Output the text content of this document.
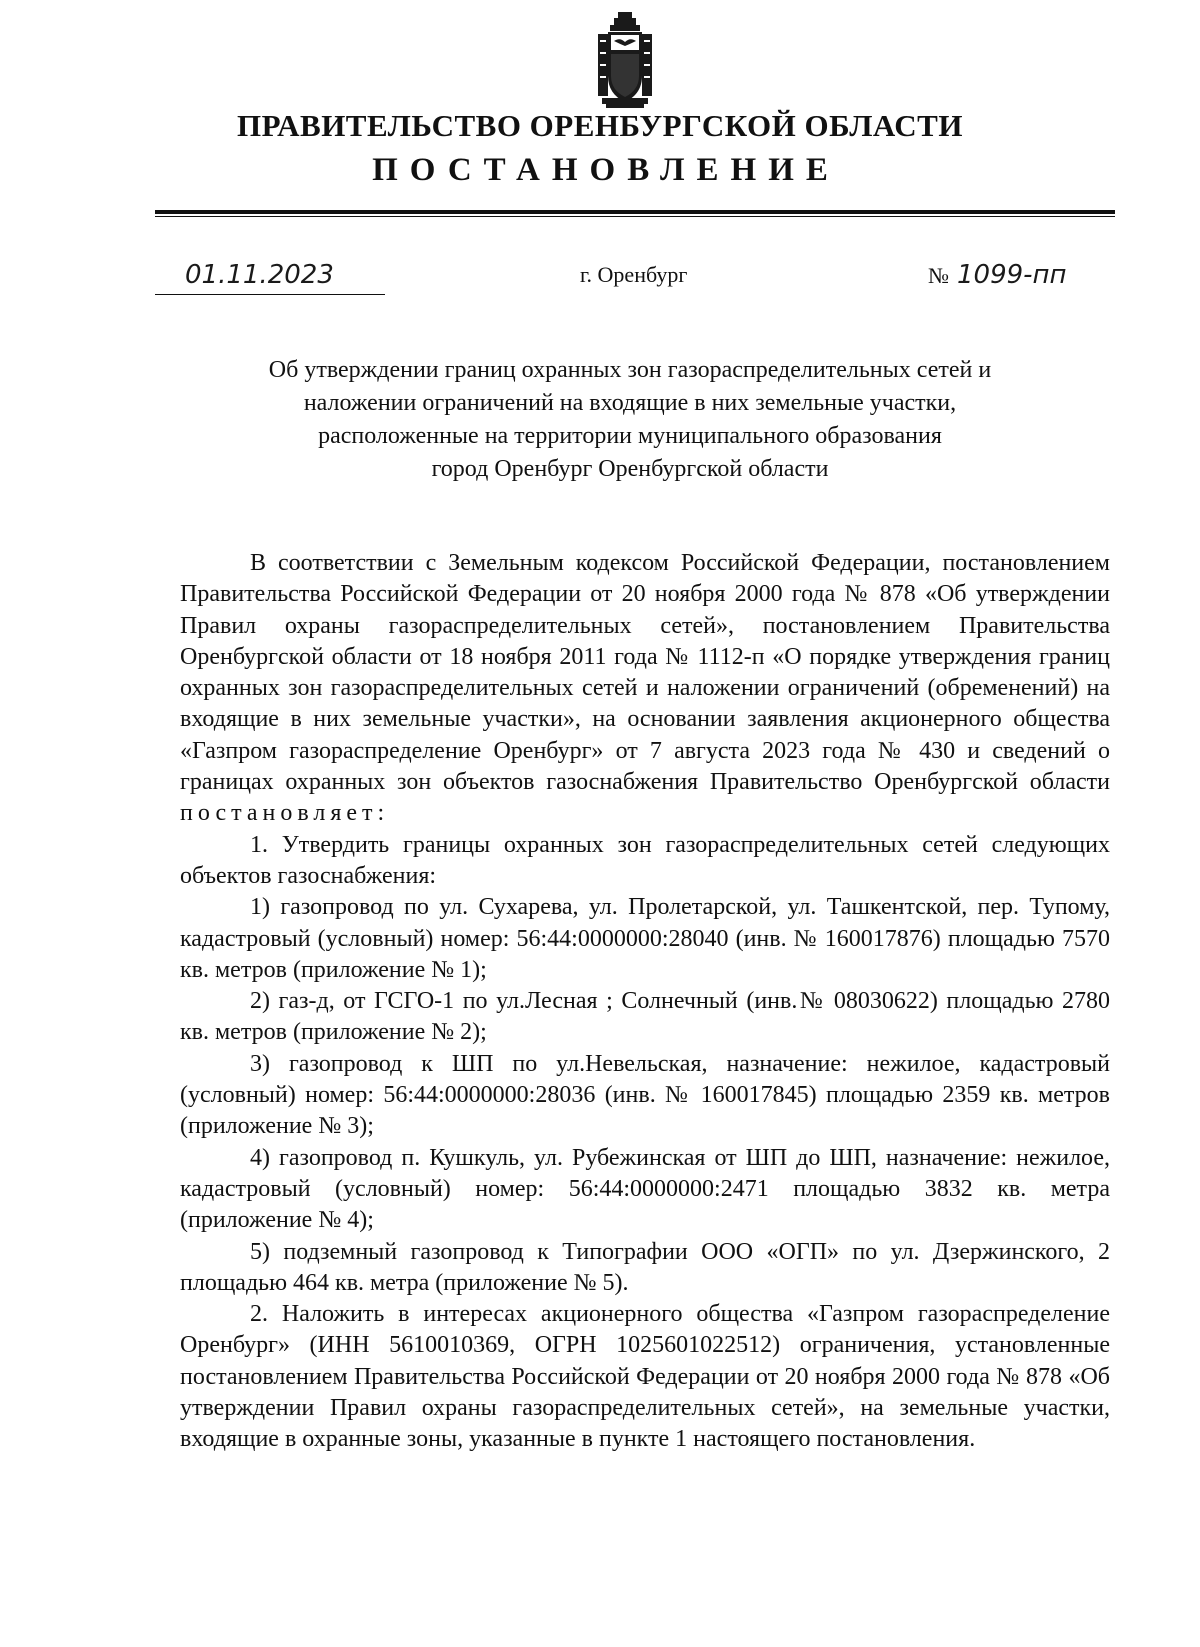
ПРАВИТЕЛЬСТВО ОРЕНБУРГСКОЙ ОБЛАСТИ
ПОСТАНОВЛЕНИЕ
01.11.2023	г. Оренбург	№ 1099-пп
Об утверждении границ охранных зон газораспределительных сетей и
наложении ограничений на входящие в них земельные участки,
расположенные на территории муниципального образования
город Оренбург Оренбургской области

В соответствии с Земельным кодексом Российской Федерации, постановлением Правительства Российской Федерации от 20 ноября 2000 года № 878 «Об утверждении Правил охраны газораспределительных сетей», постановлением Правительства Оренбургской области от 18 ноября 2011 года № 1112-п «О порядке утверждения границ охранных зон газораспределительных сетей и наложении ограничений (обременений) на входящие в них земельные участки», на основании заявления акционерного общества «Газпром газораспределение Оренбург» от 7 августа 2023 года № 430 и сведений о границах охранных зон объектов газоснабжения Правительство Оренбургской области постановляет:

1. Утвердить границы охранных зон газораспределительных сетей следующих объектов газоснабжения:

1) газопровод по ул. Сухарева, ул. Пролетарской, ул. Ташкентской, пер. Тупому, кадастровый (условный) номер: 56:44:0000000:28040 (инв. № 160017876) площадью 7570 кв. метров (приложение № 1);

2) газ-д, от ГСГО-1 по ул.Лесная ; Солнечный (инв.№ 08030622) площадью 2780 кв. метров (приложение № 2);

3) газопровод к ШП по ул.Невельская, назначение: нежилое, кадастровый (условный) номер: 56:44:0000000:28036 (инв. № 160017845) площадью 2359 кв. метров (приложение № 3);

4) газопровод п. Кушкуль, ул. Рубежинская от ШП до ШП, назначение: нежилое, кадастровый (условный) номер: 56:44:0000000:2471 площадью 3832 кв. метра (приложение № 4);

5) подземный газопровод к Типографии ООО «ОГП» по ул. Дзержинского, 2 площадью 464 кв. метра (приложение № 5).

2. Наложить в интересах акционерного общества «Газпром газораспределение Оренбург» (ИНН 5610010369, ОГРН 1025601022512) ограничения, установленные постановлением Правительства Российской Федерации от 20 ноября 2000 года № 878 «Об утверждении Правил охраны газораспределительных сетей», на земельные участки, входящие в охранные зоны, указанные в пункте 1 настоящего постановления.
